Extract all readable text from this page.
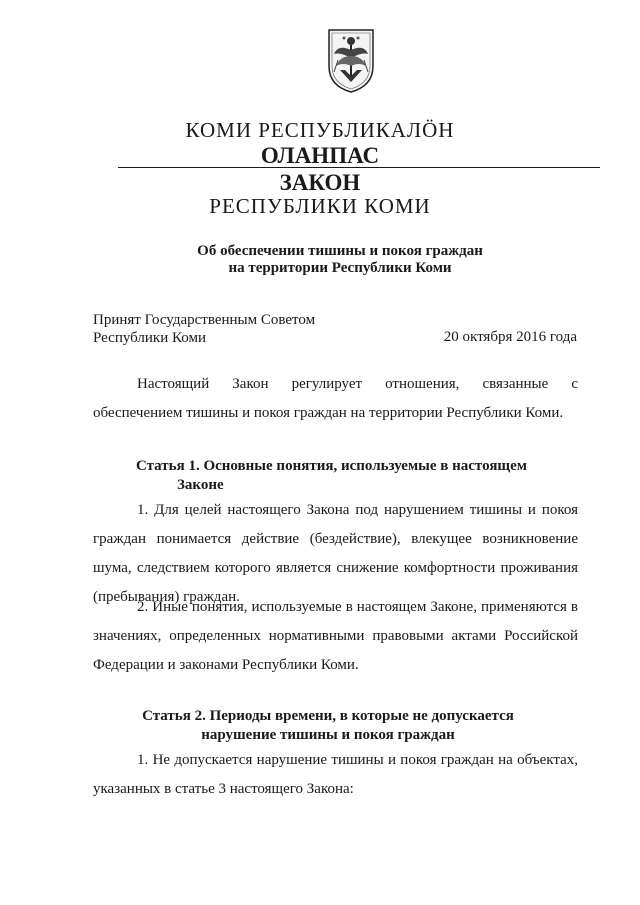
КОМИ РЕСПУБЛИКАЛӦН
ОЛАНПАС
ЗАКОН
РЕСПУБЛИКИ КОМИ
Об обеспечении тишины и покоя граждан
на территории Республики Коми
Принят Государственным Советом
Республики Коми	20 октября 2016 года
Настоящий Закон регулирует отношения, связанные с
обеспечением тишины и покоя граждан на территории Республики Коми.
Статья 1. Основные понятия, используемые в настоящем
Законе
1. Для целей настоящего Закона под нарушением тишины и покоя граждан понимается действие (бездействие), влекущее возникновение шума, следствием которого является снижение комфортности проживания (пребывания) граждан.
2. Иные понятия, используемые в настоящем Законе, применяются в значениях, определенных нормативными правовыми актами Российской Федерации и законами Республики Коми.
Статья 2. Периоды времени, в которые не допускается
нарушение тишины и покоя граждан
1. Не допускается нарушение тишины и покоя граждан на объектах, указанных в статье 3 настоящего Закона:
